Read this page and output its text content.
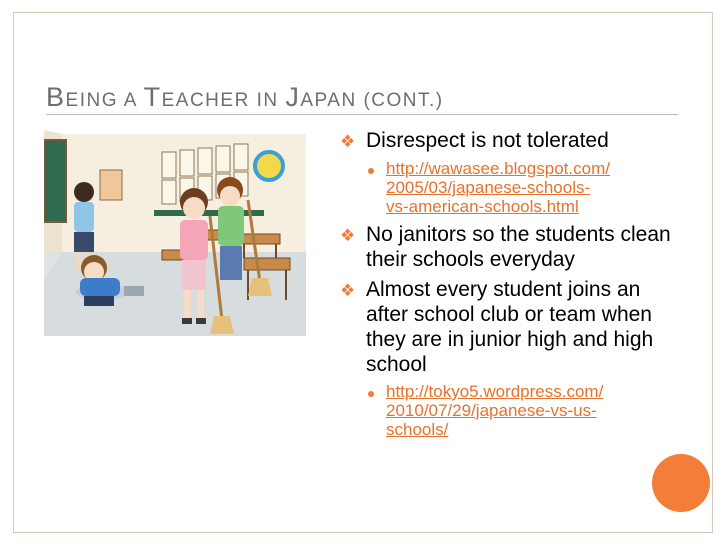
BEING A TEACHER IN JAPAN (CONT.)
❖ Disrespect is not tolerated
http://wawasee.blogspot.com/
2005/03/japanese-schools-
vs-american-schools.html
❖ No janitors so the students clean their schools everyday
❖ Almost every student joins an after school club or team when they are in junior high and high school
http://tokyo5.wordpress.com/
2010/07/29/japanese-vs-us-
schools/
